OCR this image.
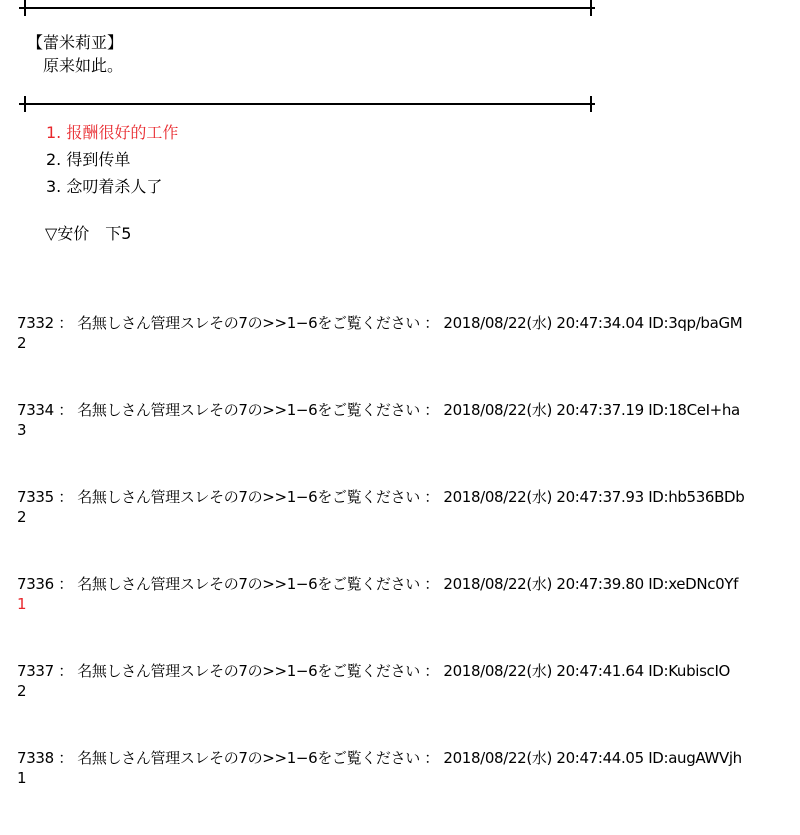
【蕾米莉亚】
原来如此。
1. 报酬很好的工作
2. 得到传单
3. 念叨着杀人了
▽安价　下5
7332 ： 名無しさん管理スレその7の>>1−6をご覧ください ： 2018/08/22(水) 20:47:34.04 ID:3qp/baGM
2
7334 ： 名無しさん管理スレその7の>>1−6をご覧ください ： 2018/08/22(水) 20:47:37.19 ID:18CeI+ha
3
7335 ： 名無しさん管理スレその7の>>1−6をご覧ください ： 2018/08/22(水) 20:47:37.93 ID:hb536BDb
2
7336 ： 名無しさん管理スレその7の>>1−6をご覧ください ： 2018/08/22(水) 20:47:39.80 ID:xeDNc0Yf
1
7337 ： 名無しさん管理スレその7の>>1−6をご覧ください ： 2018/08/22(水) 20:47:41.64 ID:KubiscIO
2
7338 ： 名無しさん管理スレその7の>>1−6をご覧ください ： 2018/08/22(水) 20:47:44.05 ID:augAWVjh
1
